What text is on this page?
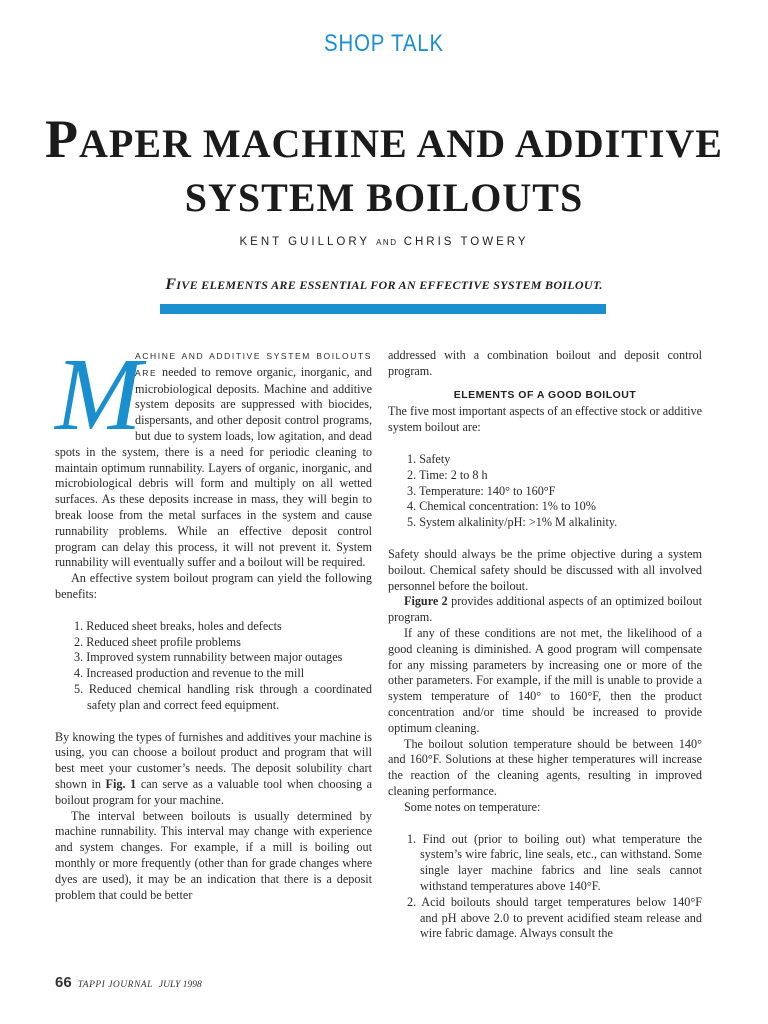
SHOP TALK
PAPER MACHINE AND ADDITIVE
SYSTEM BOILOUTS
KENT GUILLORY AND CHRIS TOWERY
FIVE ELEMENTS ARE ESSENTIAL FOR AN EFFECTIVE SYSTEM BOILOUT.
M

ACHINE AND ADDITIVE SYSTEM BOILOUTS ARE needed to remove organic, inorganic, and microbiological deposits. Machine and additive system deposits are suppressed with biocides, dispersants, and other deposit control programs, but due to system loads, low agitation, and dead spots in the system, there is a need for periodic cleaning to maintain optimum runnability. Layers of organic, inorganic, and microbiological debris will form and multiply on all wetted surfaces. As these deposits increase in mass, they will begin to break loose from the metal surfaces in the system and cause runnability problems. While an effective deposit control program can delay this process, it will not prevent it. System runnability will eventually suffer and a boilout will be required.

An effective system boilout program can yield the following benefits:

1. Reduced sheet breaks, holes and defects
2. Reduced sheet profile problems
3. Improved system runnability between major outages
4. Increased production and revenue to the mill
5. Reduced chemical handling risk through a coordinated safety plan and correct feed equipment.

By knowing the types of furnishes and additives your machine is using, you can choose a boilout product and program that will best meet your customer’s needs. The deposit solubility chart shown in Fig. 1 can serve as a valuable tool when choosing a boilout program for your machine.

The interval between boilouts is usually determined by machine runnability. This interval may change with experience and system changes. For example, if a mill is boiling out monthly or more frequently (other than for grade changes where dyes are used), it may be an indication that there is a deposit problem that could be better

addressed with a combination boilout and deposit control program.

ELEMENTS OF A GOOD BOILOUT

The five most important aspects of an effective stock or additive system boilout are:

1. Safety
2. Time: 2 to 8 h
3. Temperature: 140° to 160°F
4. Chemical concentration: 1% to 10%
5. System alkalinity/pH: >1% M alkalinity.

Safety should always be the prime objective during a system boilout. Chemical safety should be discussed with all involved personnel before the boilout.

Figure 2 provides additional aspects of an optimized boilout program.

If any of these conditions are not met, the likelihood of a good cleaning is diminished. A good program will compensate for any missing parameters by increasing one or more of the other parameters. For example, if the mill is unable to provide a system temperature of 140° to 160°F, then the product concentration and/or time should be increased to provide optimum cleaning.

The boilout solution temperature should be between 140° and 160°F. Solutions at these higher temperatures will increase the reaction of the cleaning agents, resulting in improved cleaning performance.

Some notes on temperature:

1. Find out (prior to boiling out) what temperature the system’s wire fabric, line seals, etc., can withstand. Some single layer machine fabrics and line seals cannot withstand temperatures above 140°F.
2. Acid boilouts should target temperatures below 140°F and pH above 2.0 to prevent acidified steam release and wire fabric damage. Always consult the
66 TAPPI JOURNAL JULY 1998
